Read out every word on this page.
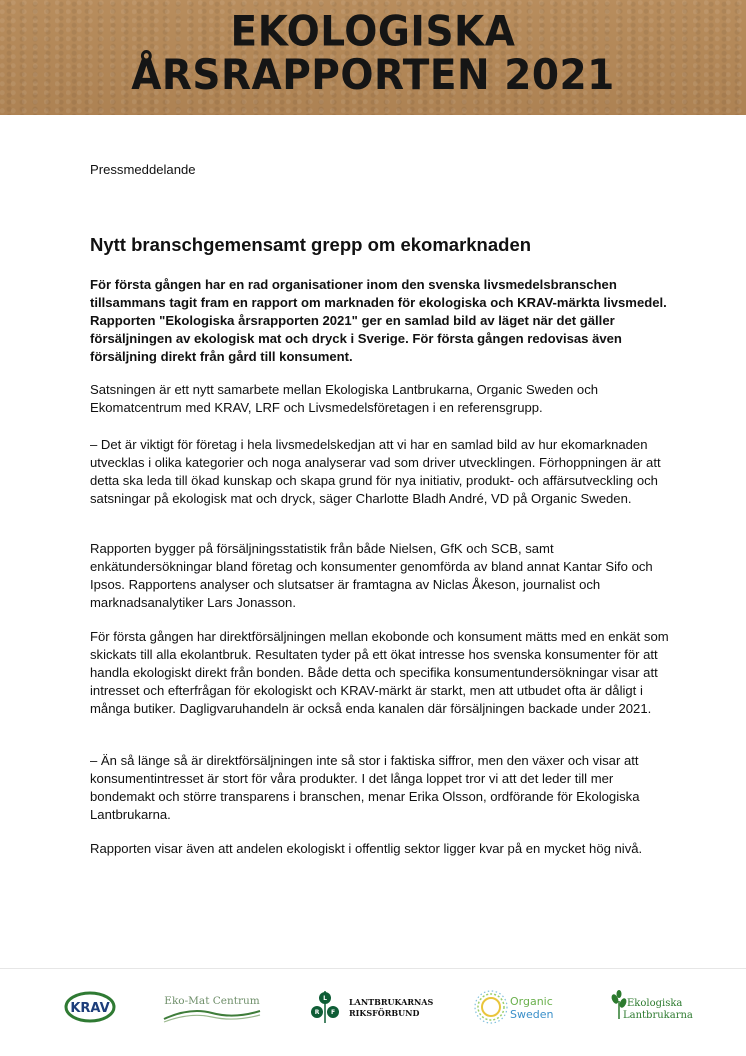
EKOLOGISKA
ÅRSRAPPORTEN 2021
Pressmeddelande
Nytt branschgemensamt grepp om ekomarknaden

För första gången har en rad organisationer inom den svenska livsmedelsbranschen tillsammans tagit fram en rapport om marknaden för ekologiska och KRAV-märkta livsmedel. Rapporten "Ekologiska årsrapporten 2021" ger en samlad bild av läget när det gäller försäljningen av ekologisk mat och dryck i Sverige. För första gången redovisas även försäljning direkt från gård till konsument.

Satsningen är ett nytt samarbete mellan Ekologiska Lantbrukarna, Organic Sweden och Ekomatcentrum med KRAV, LRF och Livsmedelsföretagen i en referensgrupp.

– Det är viktigt för företag i hela livsmedelskedjan att vi har en samlad bild av hur ekomarknaden utvecklas i olika kategorier och noga analyserar vad som driver utvecklingen. Förhoppningen är att detta ska leda till ökad kunskap och skapa grund för nya initiativ, produkt- och affärsutveckling och satsningar på ekologisk mat och dryck, säger Charlotte Bladh André, VD på Organic Sweden.

Rapporten bygger på försäljningsstatistik från både Nielsen, GfK och SCB, samt enkätundersökningar bland företag och konsumenter genomförda av bland annat Kantar Sifo och Ipsos. Rapportens analyser och slutsatser är framtagna av Niclas Åkeson, journalist och marknadsanalytiker Lars Jonasson.

För första gången har direktförsäljningen mellan ekobonde och konsument mätts med en enkät som skickats till alla ekolantbruk. Resultaten tyder på ett ökat intresse hos svenska konsumenter för att handla ekologiskt direkt från bonden. Både detta och specifika konsumentundersökningar visar att intresset och efterfrågan för ekologiskt och KRAV-märkt är starkt, men att utbudet ofta är dåligt i många butiker. Dagligvaruhandeln är också enda kanalen där försäljningen backade under 2021.

– Än så länge så är direktförsäljningen inte så stor i faktiska siffror, men den växer och visar att konsumentintresset är stort för våra produkter. I det långa loppet tror vi att det leder till mer bondemakt och större transparens i branschen, menar Erika Olsson, ordförande för Ekologiska Lantbrukarna.

Rapporten visar även att andelen ekologiskt i offentlig sektor ligger kvar på en mycket hög nivå.

KRAV	Eko-Mat Centrum	L
R F
LANTBRUKARNAS
RIKSFÖRBUND
Organic
Sweden
Ekologiska
Lantbrukarna
